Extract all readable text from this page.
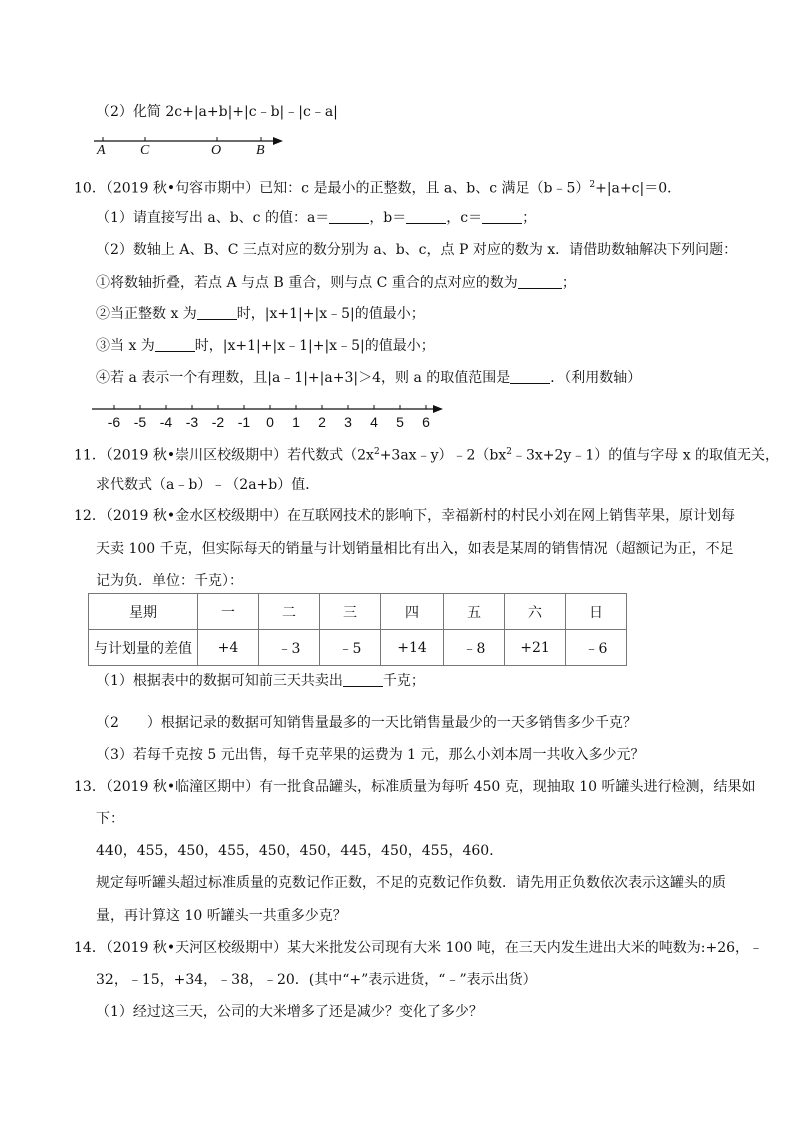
（2）化简 2c+|a+b|+|c﹣b|﹣|c﹣a|
A C	O B
10．（2019 秋•句容市期中）已知：c 是最小的正整数，且 a、b、c 满足（b﹣5）$^2$+|a+c|＝0．
（1）请直接写出 a、b、c 的值：a＝	，b＝	，c＝	；
（2）数轴上 A、B、C 三点对应的数分别为 a、b、c，点 P 对应的数为 x．请借助数轴解决下列问题：
①将数轴折叠，若点 A 与点 B 重合，则与点 C 重合的点对应的数为	；
②当正整数 x 为	时，|x+1|+|x﹣5|的值最小；
③当 x 为	时，|x+1|+|x﹣1|+|x﹣5|的值最小；
④若 a 表示一个有理数，且|a﹣1|+|a+3|＞4，则 a 的取值范围是	．（利用数轴）
-6 -5 -4 -3 -2 -1 0 1 2 3 4 5 6
11．（2019 秋•崇川区校级期中）若代数式$(2x^2+3ax﹣y)﹣2(bx^2﹣3x+2y﹣1)$的值与字母 x 的取值无关，
求代数式（a﹣b）﹣（2a+b）值．
12．（2019 秋•金水区校级期中）在互联网技术的影响下，幸福新村的村民小刘在网上销售苹果，原计划每
天卖 100 千克，但实际每天的销量与计划销量相比有出入，如表是某周的销售情况（超额记为正，不足
记为负．单位：千克）：
星期	一	二	三	四	五	六	日
与计划量的差值	+4	﹣3	﹣5	+14	﹣8	+21	﹣6
（1）根据表中的数据可知前三天共卖出	千克；
（2　　）根据记录的数据可知销售量最多的一天比销售量最少的一天多销售多少千克？
（3）若每千克按 5 元出售，每千克苹果的运费为 1 元，那么小刘本周一共收入多少元？
13．（2019 秋•临潼区期中）有一批食品罐头，标准质量为每听 450 克，现抽取 10 听罐头进行检测，结果如
下：
440，455，450，455，450，450，445，450，455，460．
规定每听罐头超过标准质量的克数记作正数，不足的克数记作负数．请先用正负数依次表示这罐头的质
量，再计算这 10 听罐头一共重多少克？
14．（2019 秋•天河区校级期中）某大米批发公司现有大米 100 吨，在三天内发生进出大米的吨数为:+26，﹣
32，﹣15，+34，﹣38，﹣20．(其中“+”表示进货，“﹣”表示出货）
（1）经过这三天，公司的大米增多了还是减少？变化了多少？
